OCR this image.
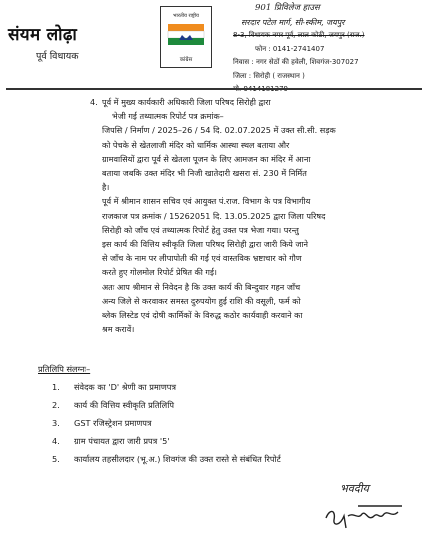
संयम लोढ़ा
पूर्व विधायक
भारतीय राष्ट्रीय
कांग्रेस
901 प्रिविलेज हाउस
सरदार पटेल मार्ग, सी-स्कीम, जयपुर
8-3, विधायक नगर पूर्व, लाल कोठी, जयपुर (राज.)
फोन : 0141-2741407
निवास : नगर सेठों की हवेली, शिवगंज-307027
जिला : सिरोही ( राजस्थान )
4. पूर्व में मुख्य कार्यकारी अधिकारी जिला परिषद सिरोही द्वारा
भेजी गई तथ्यात्मक रिपोर्ट पत्र क्रमांक–
जिपसि / निर्माण / 2025–26 / 54 दि. 02.07.2025 में उक्त सी.सी. सड़क
को पेचके से खेतलाजी मंदिर को धार्मिक आस्था स्थल बताया और
ग्रामवासियों द्वारा पूर्व से खेतला पूजन के लिए आमजन का मंदिर में आना
बताया जबकि उक्त मंदिर भी निजी खातेदारी खसरा सं. 230 में निर्मित
है।
पूर्व में श्रीमान शासन सचिव एवं आयुक्त पं.राज. विभाग के पत्र विभागीय
राजकाज पत्र क्रमांक / 15262051 दि. 13.05.2025 द्वारा जिला परिषद
सिरोही को जाँच एवं तथ्यात्मक रिपोर्ट हेतु उक्त पत्र भेजा गया। परन्तु
इस कार्य की वित्तिय स्वीकृति जिला परिषद सिरोही द्वारा जारी किये जाने
से जाँच के नाम पर लीपापोती की गई एवं वास्तविक भ्रष्टाचार को गौण
करते हुए गोलमोल रिपोर्ट प्रेषित की गई।
अतः आप श्रीमान से निवेदन है कि उक्त कार्य की बिन्दुवार गहन जाँच
अन्य जिले से करवाकर समस्त दुरुपयोग हुई राशि की वसूली, फर्म को
ब्लेक लिस्टेड एवं दोषी कार्मिकों के विरुद्ध कठोर कार्यवाही करवाने का
श्रम करावें।
प्रतिलिपि संलग्नः–
1.	संवेदक का 'D' श्रेणी का प्रमाणपत्र
2.	कार्य की वित्तिय स्वीकृति प्रतिलिपि
3.	GST रजिस्ट्रेशन प्रमाणपत्र
4.	ग्राम पंचायत द्वारा जारी प्रपत्र '5'
5.	कार्यालय तहसीलदार (भू.अ.) शिवगंज की उक्त रास्ते से संबंधित रिपोर्ट
भवदीय
